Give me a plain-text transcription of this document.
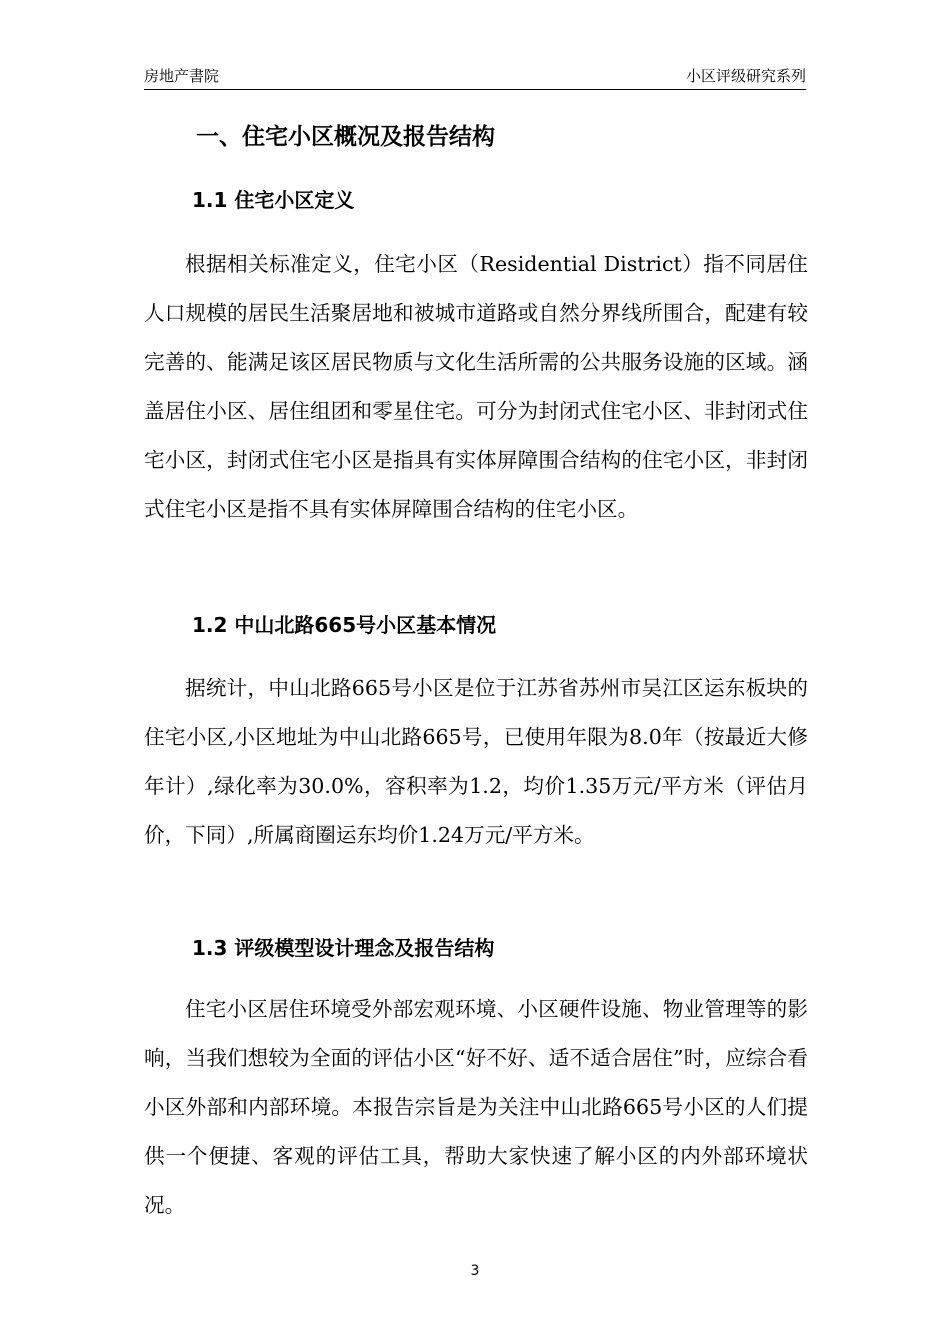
房地产書院	小区评级研究系列
一、住宅小区概况及报告结构
1.1 住宅小区定义

根据相关标准定义，住宅小区（Residential District）指不同居住人口规模的居民生活聚居地和被城市道路或自然分界线所围合，配建有较完善的、能满足该区居民物质与文化生活所需的公共服务设施的区域。涵盖居住小区、居住组团和零星住宅。可分为封闭式住宅小区、非封闭式住宅小区，封闭式住宅小区是指具有实体屏障围合结构的住宅小区，非封闭式住宅小区是指不具有实体屏障围合结构的住宅小区。

1.2 中山北路665号小区基本情况

据统计，中山北路665号小区是位于江苏省苏州市吴江区运东板块的住宅小区,小区地址为中山北路665号，已使用年限为8.0年（按最近大修年计）,绿化率为30.0%，容积率为1.2，均价1.35万元/平方米（评估月价，下同）,所属商圈运东均价1.24万元/平方米。

1.3 评级模型设计理念及报告结构

住宅小区居住环境受外部宏观环境、小区硬件设施、物业管理等的影响，当我们想较为全面的评估小区“好不好、适不适合居住”时，应综合看小区外部和内部环境。本报告宗旨是为关注中山北路665号小区的人们提供一个便捷、客观的评估工具，帮助大家快速了解小区的内外部环境状况。

3
